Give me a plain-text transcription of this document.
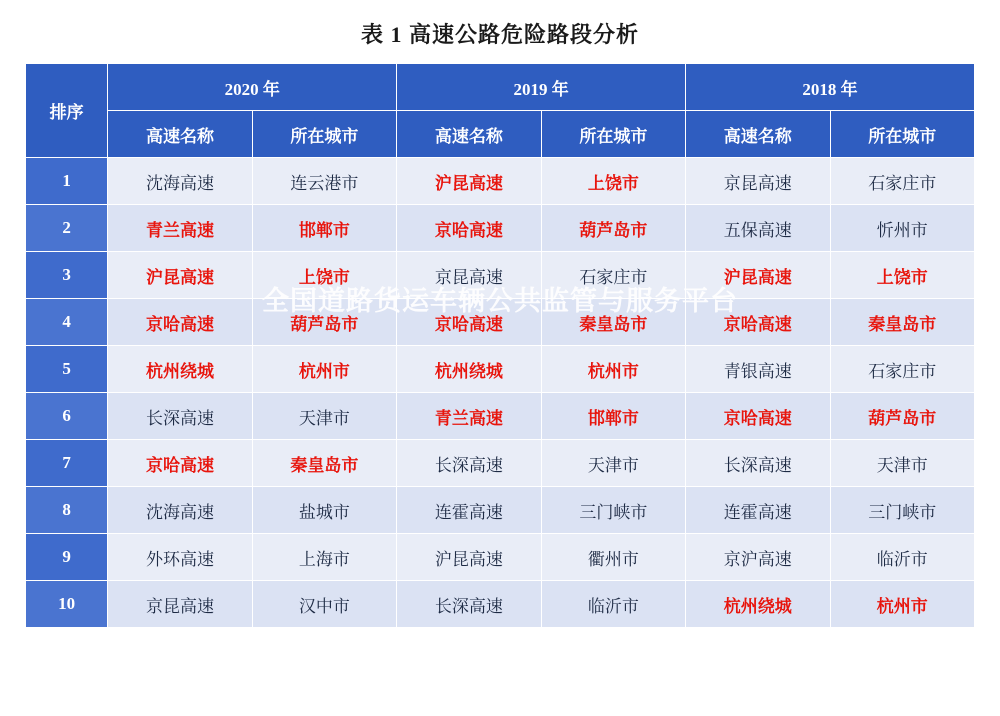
表 1 高速公路危险路段分析
排序	2020 年		2019 年		2018 年	
	高速名称	所在城市	高速名称	所在城市	高速名称	所在城市
1	沈海高速	连云港市	沪昆高速	上饶市	京昆高速	石家庄市
2	青兰高速	邯郸市	京哈高速	葫芦岛市	五保高速	忻州市
3	沪昆高速	上饶市	京昆高速	石家庄市	沪昆高速	上饶市
4	京哈高速	葫芦岛市	京哈高速	秦皇岛市	京哈高速	秦皇岛市
5	杭州绕城	杭州市	杭州绕城	杭州市	青银高速	石家庄市
6	长深高速	天津市	青兰高速	邯郸市	京哈高速	葫芦岛市
7	京哈高速	秦皇岛市	长深高速	天津市	长深高速	天津市
8	沈海高速	盐城市	连霍高速	三门峡市	连霍高速	三门峡市
9	外环高速	上海市	沪昆高速	衢州市	京沪高速	临沂市
10	京昆高速	汉中市	长深高速	临沂市	杭州绕城	杭州市
全国道路货运车辆公共监管与服务平台
